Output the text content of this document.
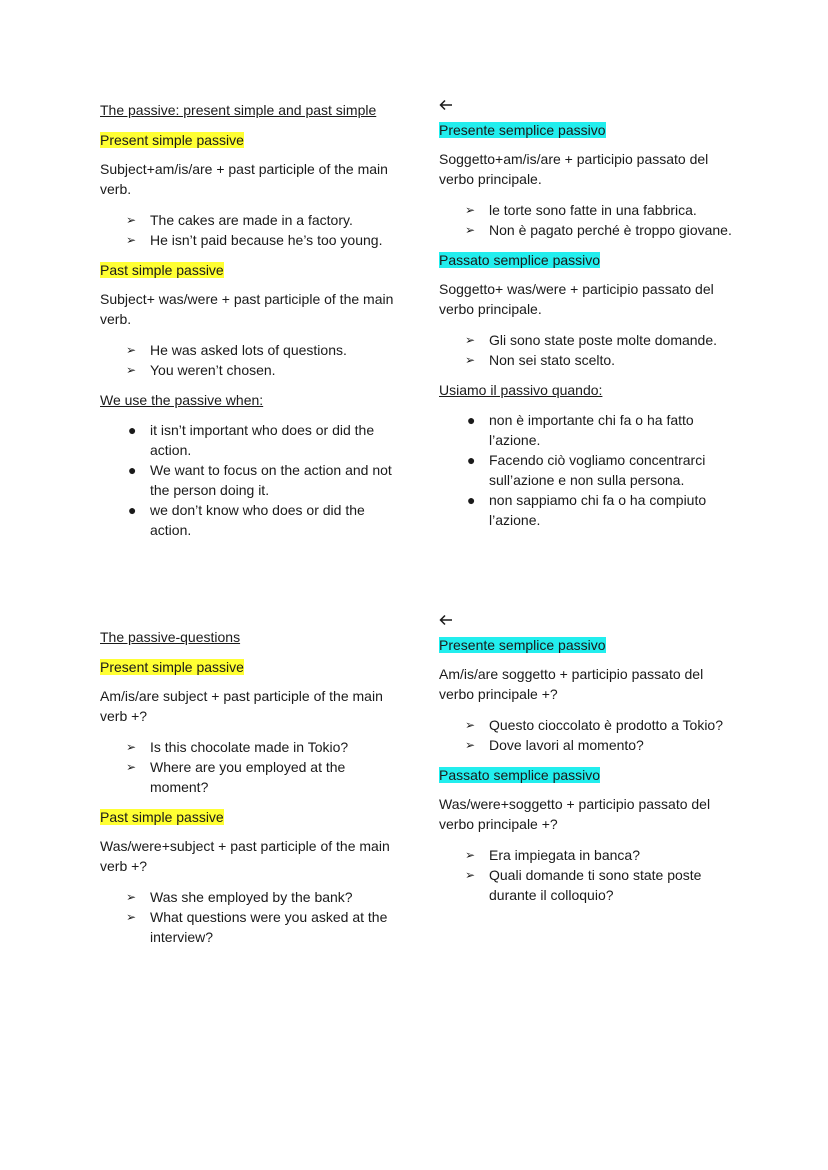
The passive: present simple and past simple
Present simple passive
Subject+am/is/are + past participle of the main verb.
➢ The cakes are made in a factory.
➢ He isn’t paid because he’s too young.
Past simple passive
Subject+ was/were + past participle of the main verb.
➢ He was asked lots of questions.
➢ You weren’t chosen.
We use the passive when:
● it isn’t important who does or did the action.
● We want to focus on the action and not the person doing it.
● we don’t know who does or did the action.
Presente semplice passivo
Soggetto+am/is/are + participio passato del verbo principale.
➢ le torte sono fatte in una fabbrica.
➢ Non è pagato perché è troppo giovane.
Passato semplice passivo
Soggetto+ was/were + participio passato del verbo principale.
➢ Gli sono state poste molte domande.
➢ Non sei stato scelto.
Usiamo il passivo quando:
● non è importante chi fa o ha fatto l’azione.
● Facendo ciò vogliamo concentrarci sull’azione e non sulla persona.
● non sappiamo chi fa o ha compiuto l’azione.
The passive-questions
Present simple passive
Am/is/are subject + past participle of the main verb +?
➢ Is this chocolate made in Tokio?
➢ Where are you employed at the moment?
Past simple passive
Was/were+subject + past participle of the main verb +?
➢ Was she employed by the bank?
➢ What questions were you asked at the interview?
Presente semplice passivo
Am/is/are soggetto + participio passato del verbo principale +?
➢ Questo cioccolato è prodotto a Tokio?
➢ Dove lavori al momento?
Passato semplice passivo
Was/were+soggetto + participio passato del verbo principale +?
➢ Era impiegata in banca?
➢ Quali domande ti sono state poste durante il colloquio?
